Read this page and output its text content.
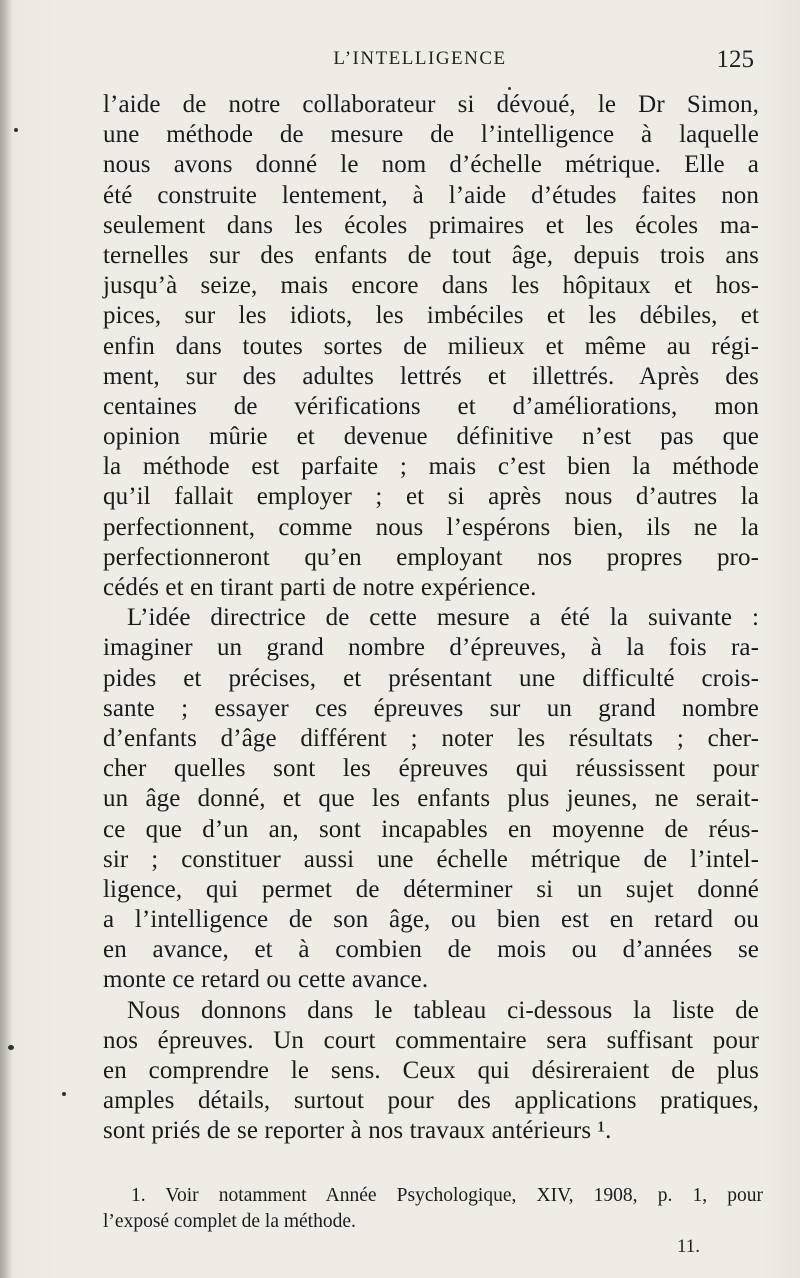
L’INTELLIGENCE	125
l’aide de notre collaborateur si dévoué, le Dr Simon,
une méthode de mesure de l’intelligence à laquelle
nous avons donné le nom d’échelle métrique. Elle a
été construite lentement, à l’aide d’études faites non
seulement dans les écoles primaires et les écoles ma-
ternelles sur des enfants de tout âge, depuis trois ans
jusqu’à seize, mais encore dans les hôpitaux et hos-
pices, sur les idiots, les imbéciles et les débiles, et
enfin dans toutes sortes de milieux et même au régi-
ment, sur des adultes lettrés et illettrés. Après des
centaines de vérifications et d’améliorations, mon
opinion mûrie et devenue définitive n’est pas que
la méthode est parfaite ; mais c’est bien la méthode
qu’il fallait employer ; et si après nous d’autres la
perfectionnent, comme nous l’espérons bien, ils ne la
perfectionneront qu’en employant nos propres pro-
cédés et en tirant parti de notre expérience.
L’idée directrice de cette mesure a été la suivante :
imaginer un grand nombre d’épreuves, à la fois ra-
pides et précises, et présentant une difficulté crois-
sante ; essayer ces épreuves sur un grand nombre
d’enfants d’âge différent ; noter les résultats ; cher-
cher quelles sont les épreuves qui réussissent pour
un âge donné, et que les enfants plus jeunes, ne serait-
ce que d’un an, sont incapables en moyenne de réus-
sir ; constituer aussi une échelle métrique de l’intel-
ligence, qui permet de déterminer si un sujet donné
a l’intelligence de son âge, ou bien est en retard ou
en avance, et à combien de mois ou d’années se
monte ce retard ou cette avance.
Nous donnons dans le tableau ci-dessous la liste de
nos épreuves. Un court commentaire sera suffisant pour
en comprendre le sens. Ceux qui désireraient de plus
amples détails, surtout pour des applications pratiques,
sont priés de se reporter à nos travaux antérieurs ¹.
1. Voir notamment Année Psychologique, XIV, 1908, p. 1, pour
l’exposé complet de la méthode.
11.
